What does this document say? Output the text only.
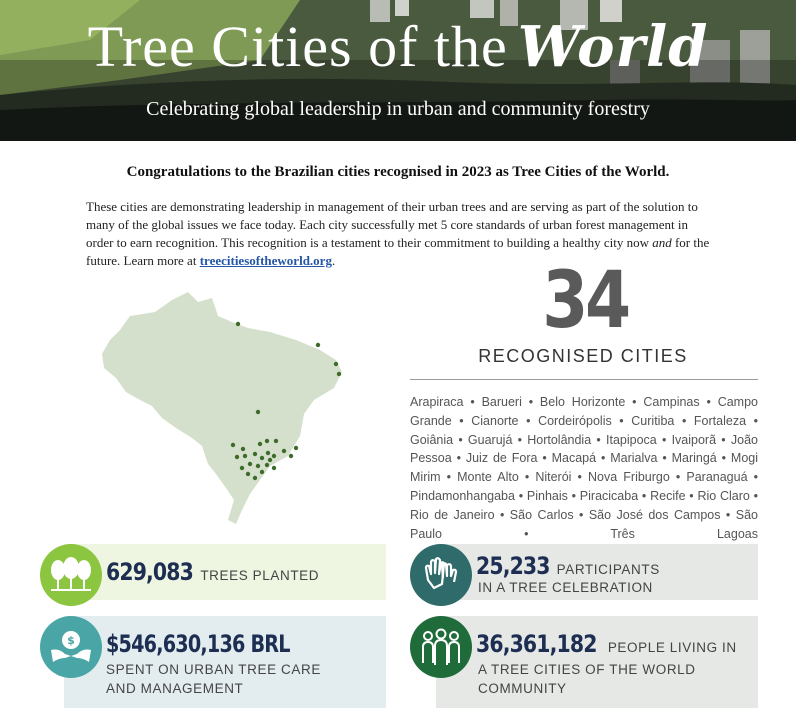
Tree Cities of the World
Celebrating global leadership in urban and community forestry
Congratulations to the Brazilian cities recognised in 2023 as Tree Cities of the World.
These cities are demonstrating leadership in management of their urban trees and are serving as part of the solution to many of the global issues we face today. Each city successfully met 5 core standards of urban forest management in order to earn recognition. This recognition is a testament to their commitment to building a healthy city now and for the future. Learn more at treecitiesoftheworld.org.	34
RECOGNISED CITIES
Arapiraca • Barueri • Belo Horizonte • Campinas • Campo Grande • Cianorte • Cordeirópolis • Curitiba • Fortaleza • Goiânia • Guarujá • Hortolândia • Itapipoca • Ivaiporã • João Pessoa • Juiz de Fora • Macapá • Marialva • Maringá • Mogi Mirim • Monte Alto • Niterói • Nova Friburgo • Paranaguá • Pindamonhangaba • Pinhais • Piracicaba • Recife • Rio Claro • Rio de Janeiro • São Carlos • São José dos Campos • São Paulo • Três Lagoas
629,083 TREES PLANTED	25,233 PARTICIPANTS
IN A TREE CELEBRATION
$ $546,630,136 BRL
SPENT ON URBAN TREE CARE
AND MANAGEMENT
36,361,182 PEOPLE LIVING IN
A TREE CITIES OF THE WORLD
COMMUNITY
